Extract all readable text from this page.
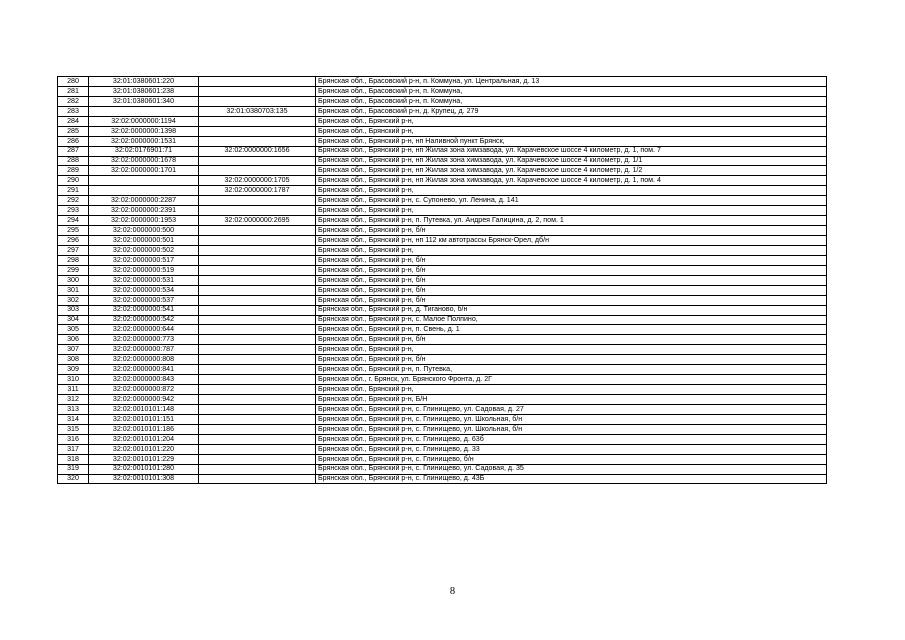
280	32:01:0380601:220		Брянская обл., Брасовский р-н, п. Коммуна, ул. Центральная, д. 13
281	32:01:0380601:238		Брянская обл., Брасовский р-н, п. Коммуна,
282	32:01:0380601:340		Брянская обл., Брасовский р-н, п. Коммуна,
283		32:01:0380703:135	Брянская обл., Брасовский р-н, д. Крупец, д. 279
284	32:02:0000000:1194		Брянская обл., Брянский р-н,
285	32:02:0000000:1398		Брянская обл., Брянский р-н,
286	32:02:0000000:1531		Брянская обл., Брянский р-н, нп Наливной пункт Брянск,
287	32:02:0176901:71	32:02:0000000:1656	Брянская обл., Брянский р-н, нп Жилая зона химзавода, ул. Карачевское шоссе 4 километр, д. 1, пом. 7
288	32:02:0000000:1678		Брянская обл., Брянский р-н, нп Жилая зона химзавода, ул. Карачевское шоссе 4 километр, д. 1/1
289	32:02:0000000:1701		Брянская обл., Брянский р-н, нп Жилая зона химзавода, ул. Карачевское шоссе 4 километр, д. 1/2
290		32:02:0000000:1705	Брянская обл., Брянский р-н, нп Жилая зона химзавода, ул. Карачевское шоссе 4 километр, д. 1, пом. 4
291		32:02:0000000:1787	Брянская обл., Брянский р-н,
292	32:02:0000000:2287		Брянская обл., Брянский р-н, с. Супонево, ул. Ленина, д. 141
293	32:02:0000000:2391		Брянская обл., Брянский р-н,
294	32:02:0000000:1953	32:02:0000000:2695	Брянская обл., Брянский р-н, п. Путевка, ул. Андрея Галицина, д. 2, пом. 1
295	32:02:0000000:500		Брянская обл., Брянский р-н, б/н
296	32:02:0000000:501		Брянская обл., Брянский р-н, нп 112 км автотрассы Брянск-Орел, дб/н
297	32:02:0000000:502		Брянская обл., Брянский р-н,
298	32:02:0000000:517		Брянская обл., Брянский р-н, б/н
299	32:02:0000000:519		Брянская обл., Брянский р-н, б/н
300	32:02:0000000:531		Брянская обл., Брянский р-н, б/н
301	32:02:0000000:534		Брянская обл., Брянский р-н, б/н
302	32:02:0000000:537		Брянская обл., Брянский р-н, б/н
303	32:02:0000000:541		Брянская обл., Брянский р-н, д. Тиганово, б/н
304	32:02:0000000:542		Брянская обл., Брянский р-н, с. Малое Полпино,
305	32:02:0000000:644		Брянская обл., Брянский р-н, п. Свень, д. 1
306	32:02:0000000:773		Брянская обл., Брянский р-н, б/н
307	32:02:0000000:787		Брянская обл., Брянский р-н,
308	32:02:0000000:808		Брянская обл., Брянский р-н, б/н
309	32:02:0000000:841		Брянская обл., Брянский р-н, п. Путевка,
310	32:02:0000000:843		Брянская обл., г. Брянск, ул. Брянского Фронта, д. 2Г
311	32:02:0000000:872		Брянская обл., Брянский р-н,
312	32:02:0000000:942		Брянская обл., Брянский р-н, Б/Н
313	32:02:0010101:148		Брянская обл., Брянский р-н, с. Глинищево, ул. Садовая, д. 27
314	32:02:0010101:151		Брянская обл., Брянский р-н, с. Глинищево, ул. Школьная, б/н
315	32:02:0010101:186		Брянская обл., Брянский р-н, с. Глинищево, ул. Школьная, б/н
316	32:02:0010101:204		Брянская обл., Брянский р-н, с. Глинищево, д. 63б
317	32:02:0010101:220		Брянская обл., Брянский р-н, с. Глинищево, д. 33
318	32:02:0010101:229		Брянская обл., Брянский р-н, с. Глинищево, б/н
319	32:02:0010101:280		Брянская обл., Брянский р-н, с. Глинищево, ул. Садовая, д. 35
320	32:02:0010101:308		Брянская обл., Брянский р-н, с. Глинищево, д. 43Б
8
